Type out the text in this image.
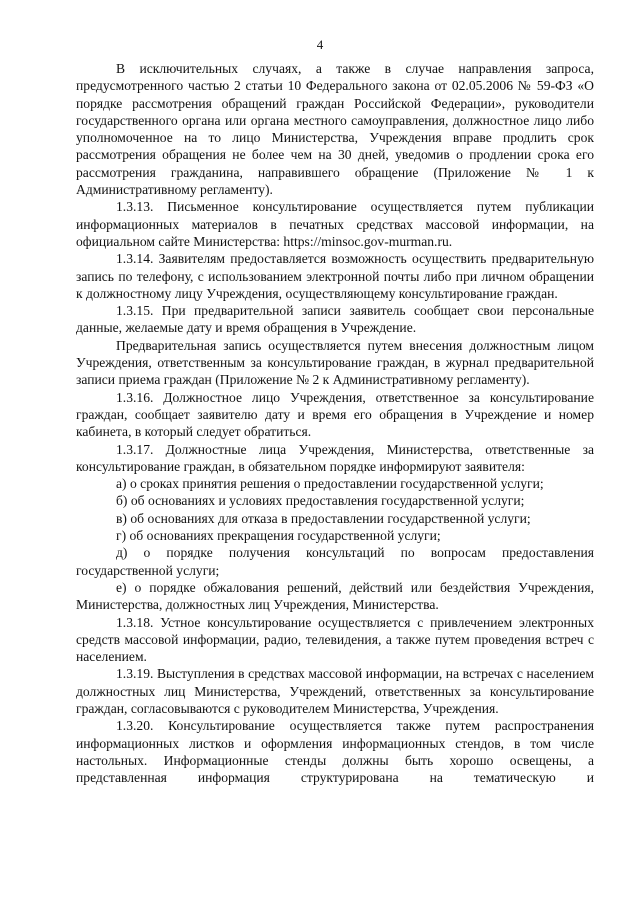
4

В исключительных случаях, а также в случае направления запроса, предусмотренного частью 2 статьи 10 Федерального закона от 02.05.2006 № 59-ФЗ «О порядке рассмотрения обращений граждан Российской Федерации», руководители государственного органа или органа местного самоуправления, должностное лицо либо уполномоченное на то лицо Министерства, Учреждения вправе продлить срок рассмотрения обращения не более чем на 30 дней, уведомив о продлении срока его рассмотрения гражданина, направившего обращение (Приложение № 1 к Административному регламенту).

1.3.13. Письменное консультирование осуществляется путем публикации информационных материалов в печатных средствах массовой информации, на официальном сайте Министерства: https://minsoc.gov-murman.ru.

1.3.14. Заявителям предоставляется возможность осуществить предварительную запись по телефону, с использованием электронной почты либо при личном обращении к должностному лицу Учреждения, осуществляющему консультирование граждан.

1.3.15. При предварительной записи заявитель сообщает свои персональные данные, желаемые дату и время обращения в Учреждение.

Предварительная запись осуществляется путем внесения должностным лицом Учреждения, ответственным за консультирование граждан, в журнал предварительной записи приема граждан (Приложение № 2 к Административному регламенту).

1.3.16. Должностное лицо Учреждения, ответственное за консультирование граждан, сообщает заявителю дату и время его обращения в Учреждение и номер кабинета, в который следует обратиться.

1.3.17. Должностные лица Учреждения, Министерства, ответственные за консультирование граждан, в обязательном порядке информируют заявителя:

а) о сроках принятия решения о предоставлении государственной услуги;

б) об основаниях и условиях предоставления государственной услуги;

в) об основаниях для отказа в предоставлении государственной услуги;

г) об основаниях прекращения государственной услуги;

д) о порядке получения консультаций по вопросам предоставления государственной услуги;

е) о порядке обжалования решений, действий или бездействия Учреждения, Министерства, должностных лиц Учреждения, Министерства.

1.3.18. Устное консультирование осуществляется с привлечением электронных средств массовой информации, радио, телевидения, а также путем проведения встреч с населением.

1.3.19. Выступления в средствах массовой информации, на встречах с населением должностных лиц Министерства, Учреждений, ответственных за консультирование граждан, согласовываются с руководителем Министерства, Учреждения.

1.3.20. Консультирование осуществляется также путем распространения информационных листков и оформления информационных стендов, в том числе настольных. Информационные стенды должны быть хорошо освещены, а представленная информация структурирована на тематическую и
